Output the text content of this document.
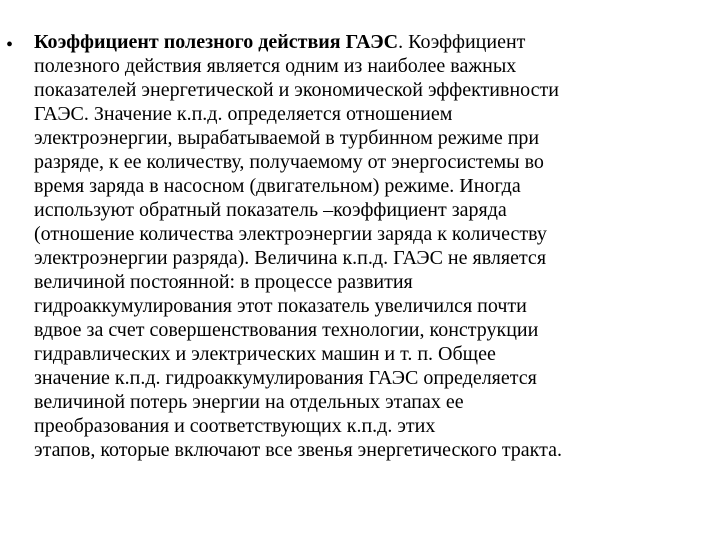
• Коэффициент полезного действия ГАЭС. Коэффициент
полезного действия является одним из наиболее важных
показателей энергетической и экономической эффективности
ГАЭС. Значение к.п.д. определяется отношением
электроэнергии, вырабатываемой в турбинном режиме при
разряде, к ее количеству, получаемому от энергосистемы во
время заряда в насосном (двигательном) режиме. Иногда
используют обратный показатель –коэффициент заряда
(отношение количества электроэнергии заряда к количеству
электроэнергии разряда). Величина к.п.д. ГАЭС не является
величиной постоянной: в процессе развития
гидроаккумулирования этот показатель увеличился почти
вдвое за счет совершенствования технологии, конструкции
гидравлических и электрических машин и т. п. Общее
значение к.п.д. гидроаккумулирования ГАЭС определяется
величиной потерь энергии на отдельных этапах ее
преобразования и соответствующих к.п.д. этих
этапов, которые включают все звенья энергетического тракта.
